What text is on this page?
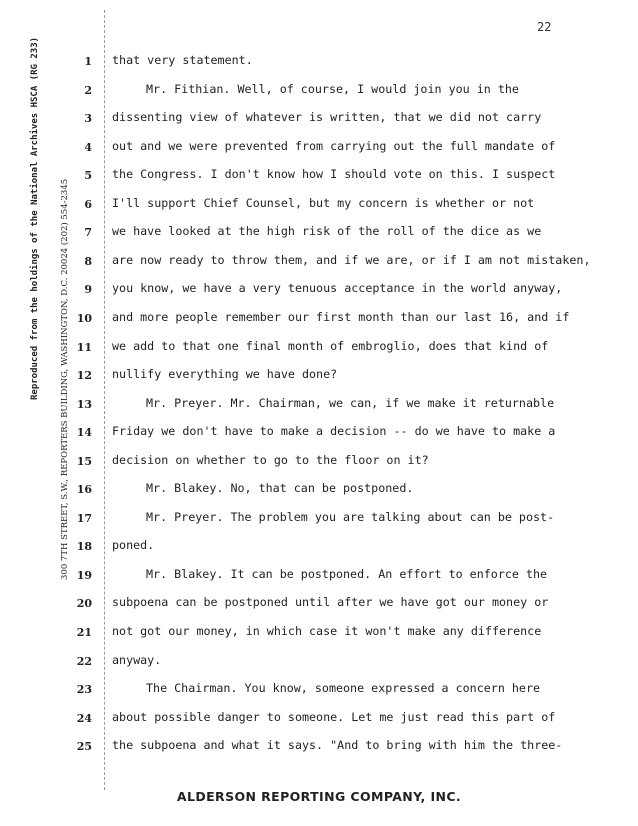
22
Reproduced from the holdings of the National Archives HSCA (RG 233) 300 7TH STREET, S.W., REPORTERS BUILDING, WASHINGTON, D.C. 20024 (202) 554-2345
1 that very statement.
2	Mr. Fithian. Well, of course, I would join you in the
3 dissenting view of whatever is written, that we did not carry
4 out and we were prevented from carrying out the full mandate of
5 the Congress. I don't know how I should vote on this. I suspect
6 I'll support Chief Counsel, but my concern is whether or not
7 we have looked at the high risk of the roll of the dice as we
8 are now ready to throw them, and if we are, or if I am not mistaken,
9 you know, we have a very tenuous acceptance in the world anyway,
10 and more people remember our first month than our last 16, and if
11 we add to that one final month of embroglio, does that kind of
12 nullify everything we have done?
13	Mr. Preyer. Mr. Chairman, we can, if we make it returnable
14 Friday we don't have to make a decision -- do we have to make a
15 decision on whether to go to the floor on it?
16	Mr. Blakey. No, that can be postponed.
17	Mr. Preyer. The problem you are talking about can be post-
18 poned.
19	Mr. Blakey. It can be postponed. An effort to enforce the
20 subpoena can be postponed until after we have got our money or
21 not got our money, in which case it won't make any difference
22 anyway.
23	The Chairman. You know, someone expressed a concern here
24 about possible danger to someone. Let me just read this part of
25 the subpoena and what it says. "And to bring with him the three-
ALDERSON REPORTING COMPANY, INC.
